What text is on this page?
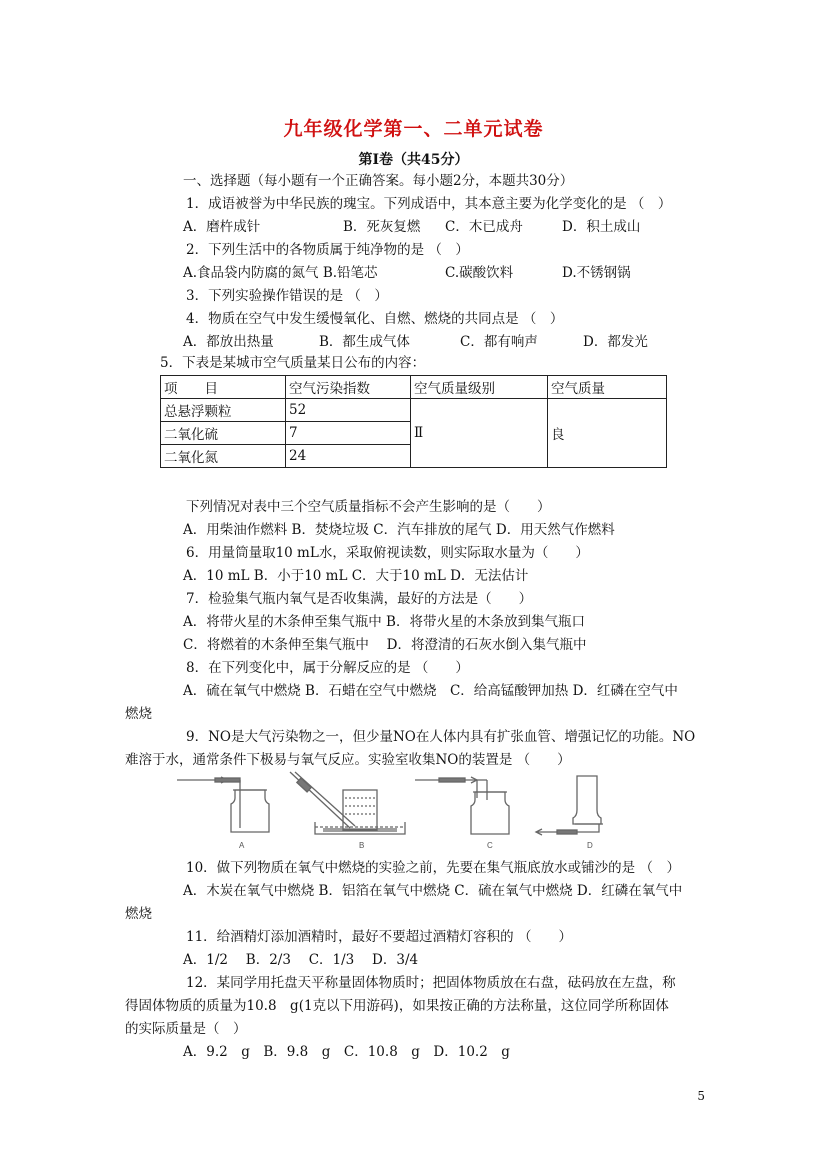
九年级化学第一、二单元试卷
第Ⅰ卷（共45分）
一、选择题（每小题有一个正确答案。每小题2分，本题共30分）
1．成语被誉为中华民族的瑰宝。下列成语中，其本意主要为化学变化的是 （　）
A．磨杵成针	B．死灰复燃 C．木已成舟	D．积土成山
2．下列生活中的各物质属于纯净物的是 （　）
A.食品袋内防腐的氮气 B.铅笔芯	C.碳酸饮料	D.不锈钢锅
3．下列实验操作错误的是 （　）
4．物质在空气中发生缓慢氧化、自燃、燃烧的共同点是 （　）
A．都放出热量	B．都生成气体	C．都有响声	D．都发光
5．下表是某城市空气质量某日公布的内容：
项　　目	空气污染指数	空气质量级别	空气质量
总悬浮颗粒	52	Ⅱ	良
二氧化硫	7		
二氧化氮	24		
下列情况对表中三个空气质量指标不会产生影响的是（　　）
A．用柴油作燃料 B．焚烧垃圾 C．汽车排放的尾气 D．用天然气作燃料
6．用量筒量取10 mL水，采取俯视读数，则实际取水量为（　　）
A．10 mL B．小于10 mL C．大于10 mL D．无法估计
7．检验集气瓶内氧气是否收集满，最好的方法是（　　）
A．将带火星的木条伸至集气瓶中 B．将带火星的木条放到集气瓶口
C．将燃着的木条伸至集气瓶中　 D．将澄清的石灰水倒入集气瓶中
8．在下列变化中，属于分解反应的是 （　　）
A．硫在氧气中燃烧 B．石蜡在空气中燃烧　C．给高锰酸钾加热 D．红磷在空气中
燃烧
9．NO是大气污染物之一，但少量NO在人体内具有扩张血管、增强记忆的功能。NO
难溶于水，通常条件下极易与氧气反应。实验室收集NO的装置是 （　　）
A	B	C	D
10．做下列物质在氧气中燃烧的实验之前，先要在集气瓶底放水或铺沙的是 （　）
A．木炭在氧气中燃烧 B．铝箔在氧气中燃烧 C．硫在氧气中燃烧 D．红磷在氧气中
燃烧
11．给酒精灯添加酒精时，最好不要超过酒精灯容积的 （　　）
A．1/2　 B．2/3　 C．1/3　 D．3/4
12．某同学用托盘天平称量固体物质时；把固体物质放在右盘，砝码放在左盘，称
得固体物质的质量为10.8　g(1克以下用游码)，如果按正确的方法称量，这位同学所称固体
的实际质量是（　）
A．9.2　g　B．9.8　g　C．10.8　g　D．10.2　g
5
